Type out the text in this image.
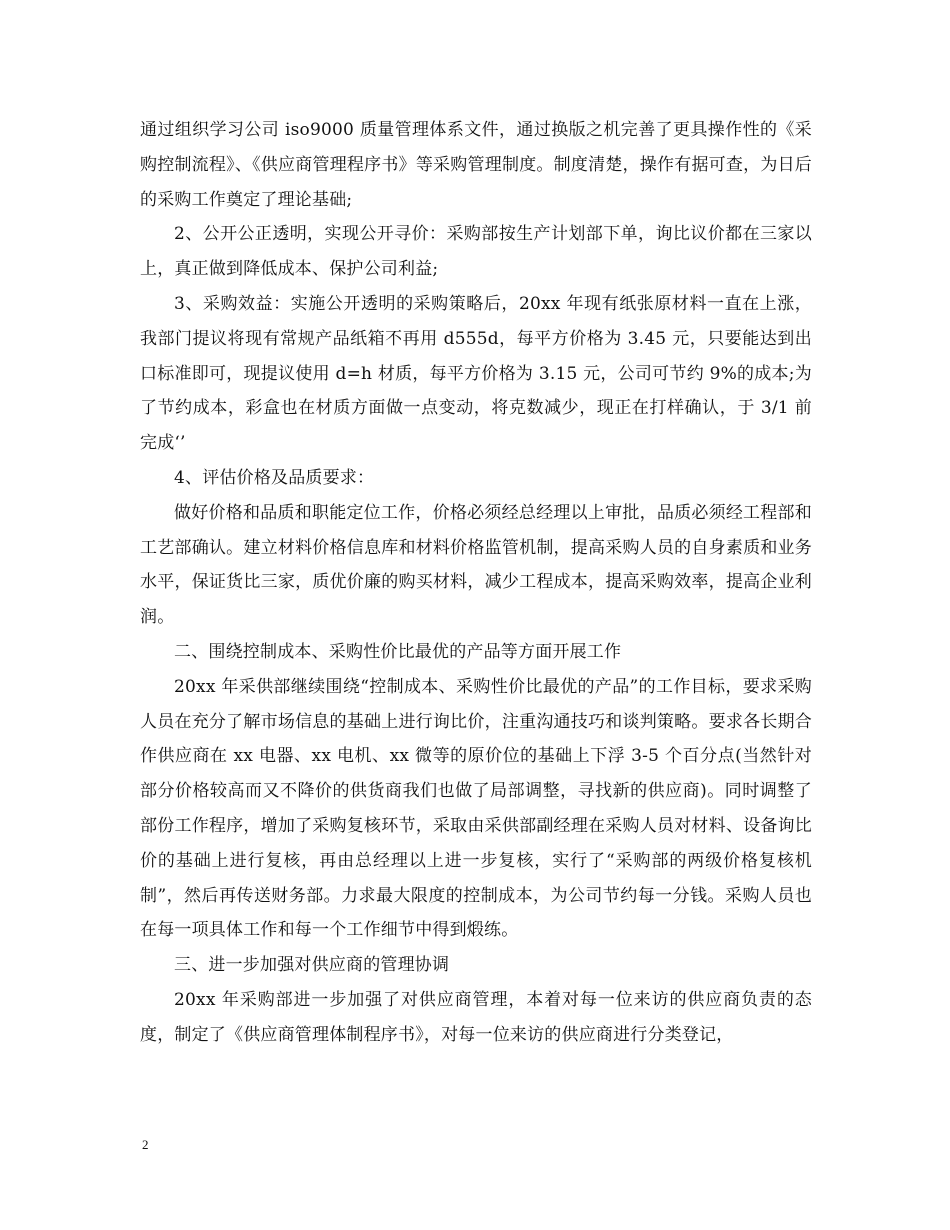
通过组织学习公司 iso9000 质量管理体系文件，通过换版之机完善了更具操作性的《采购控制流程》、《供应商管理程序书》等采购管理制度。制度清楚，操作有据可查，为日后的采购工作奠定了理论基础;

2、公开公正透明，实现公开寻价：采购部按生产计划部下单，询比议价都在三家以上，真正做到降低成本、保护公司利益;

3、采购效益：实施公开透明的采购策略后，20xx 年现有纸张原材料一直在上涨，我部门提议将现有常规产品纸箱不再用 d555d，每平方价格为 3.45 元，只要能达到出口标准即可，现提议使用 d=h 材质，每平方价格为 3.15 元，公司可节约 9%的成本;为了节约成本，彩盒也在材质方面做一点变动，将克数减少，现正在打样确认，于 3/1 前完成‘’

4、评估价格及品质要求：

做好价格和品质和职能定位工作，价格必须经总经理以上审批，品质必须经工程部和工艺部确认。建立材料价格信息库和材料价格监管机制，提高采购人员的自身素质和业务水平，保证货比三家，质优价廉的购买材料，减少工程成本，提高采购效率，提高企业利润。

二、围绕控制成本、采购性价比最优的产品等方面开展工作

20xx 年采供部继续围绕“控制成本、采购性价比最优的产品”的工作目标，要求采购人员在充分了解市场信息的基础上进行询比价，注重沟通技巧和谈判策略。要求各长期合作供应商在 xx 电器、xx 电机、xx 微等的原价位的基础上下浮 3-5 个百分点(当然针对部分价格较高而又不降价的供货商我们也做了局部调整，寻找新的供应商)。同时调整了部份工作程序，增加了采购复核环节，采取由采供部副经理在采购人员对材料、设备询比价的基础上进行复核，再由总经理以上进一步复核，实行了“采购部的两级价格复核机制”，然后再传送财务部。力求最大限度的控制成本，为公司节约每一分钱。采购人员也在每一项具体工作和每一个工作细节中得到煅练。

三、进一步加强对供应商的管理协调

20xx 年采购部进一步加强了对供应商管理，本着对每一位来访的供应商负责的态度，制定了《供应商管理体制程序书》，对每一位来访的供应商进行分类登记，

2
